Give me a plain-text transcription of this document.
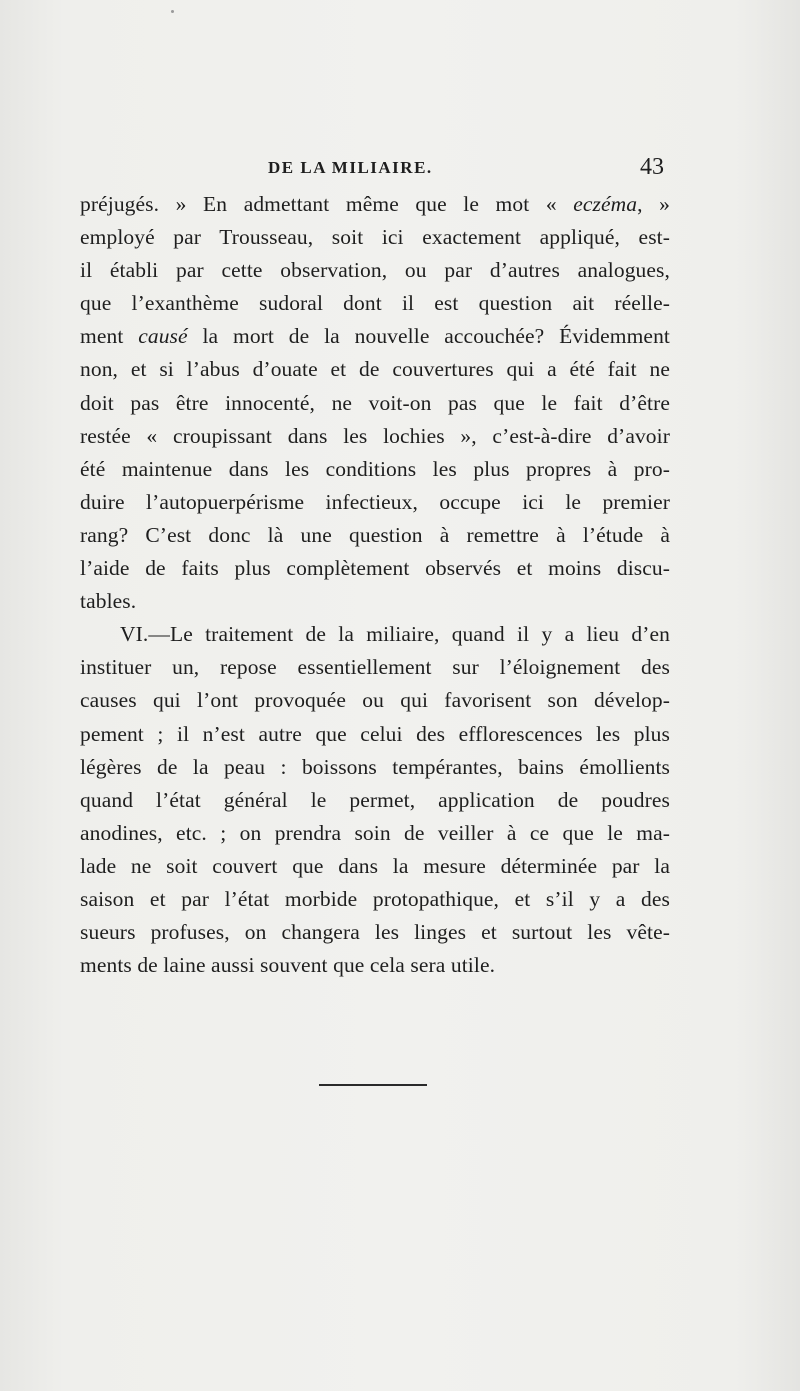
DE LA MILIAIRE.	43
préjugés. » En admettant même que le mot « eczéma, »
employé par Trousseau, soit ici exactement appliqué, est-
il établi par cette observation, ou par d’autres analogues,
que l’exanthème sudoral dont il est question ait réelle-
ment causé la mort de la nouvelle accouchée? Évidemment
non, et si l’abus d’ouate et de couvertures qui a été fait ne
doit pas être innocenté, ne voit-on pas que le fait d’être
restée « croupissant dans les lochies », c’est-à-dire d’avoir
été maintenue dans les conditions les plus propres à pro-
duire l’autopuerpérisme infectieux, occupe ici le premier
rang? C’est donc là une question à remettre à l’étude à
l’aide de faits plus complètement observés et moins discu-
tables.
VI.—Le traitement de la miliaire, quand il y a lieu d’en
instituer un, repose essentiellement sur l’éloignement des
causes qui l’ont provoquée ou qui favorisent son dévelop-
pement ; il n’est autre que celui des efflorescences les plus
légères de la peau : boissons tempérantes, bains émollients
quand l’état général le permet, application de poudres
anodines, etc. ; on prendra soin de veiller à ce que le ma-
lade ne soit couvert que dans la mesure déterminée par la
saison et par l’état morbide protopathique, et s’il y a des
sueurs profuses, on changera les linges et surtout les vête-
ments de laine aussi souvent que cela sera utile.
